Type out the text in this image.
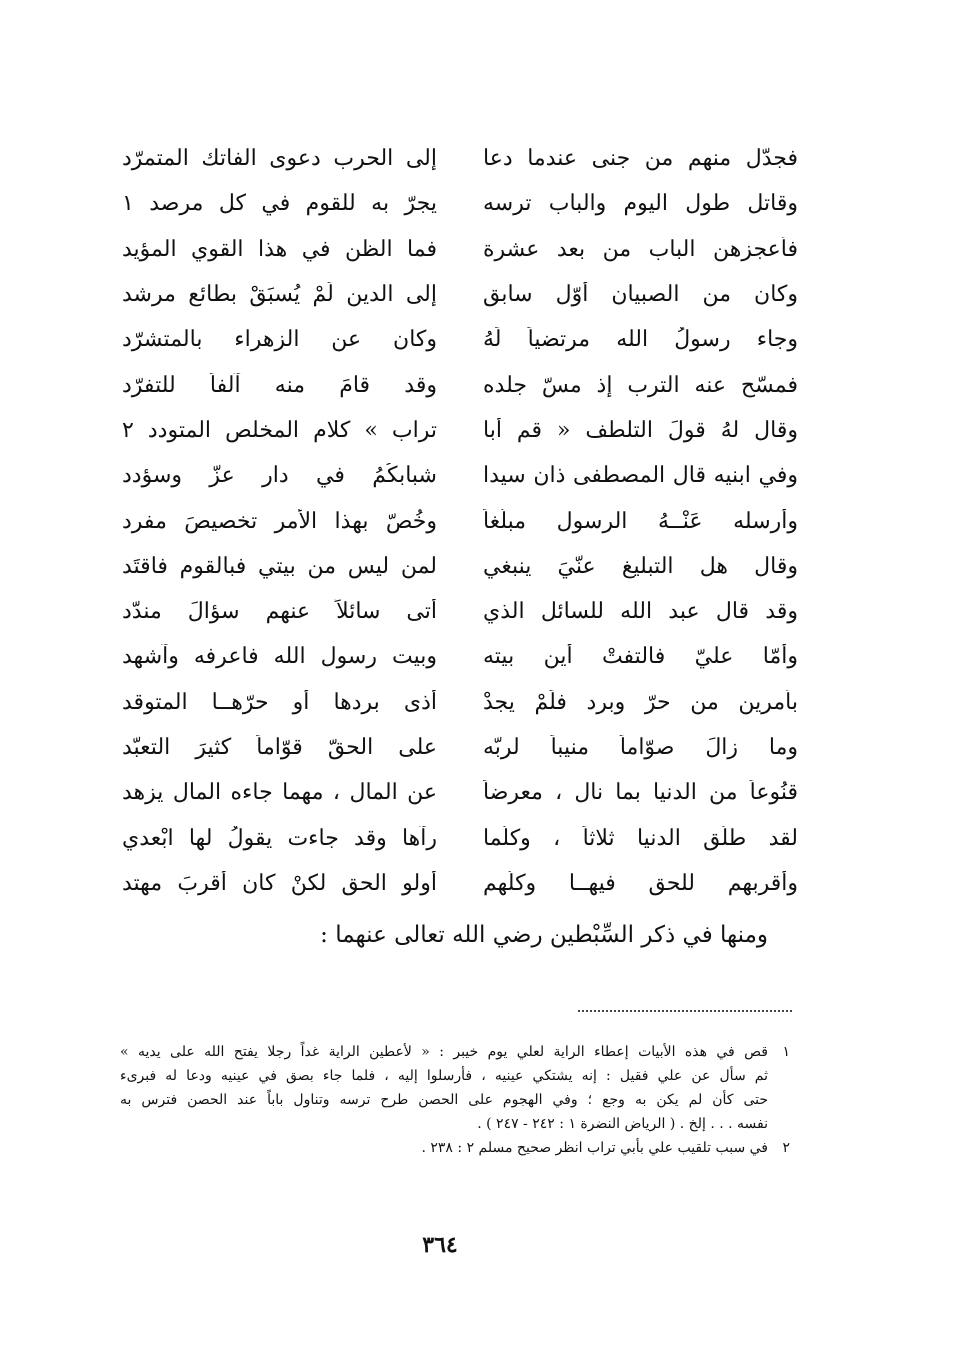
فجدّل منهم من جنى عندما دعا
إلى الحرب دعوى الفاتك المتمرّد
وقاتل طول اليوم والباب ترسه
يجرّ به للقوم في كل مرصد ١
فأعجزهن الباب من بعد عشرة
فما الظن في هذا القوي المؤيد
وكان من الصبيان أوّل سابق
إلى الدين لَمْ يُسبَقْ بطائع مرشد
وجاء رسولُ الله مرتضياً لَهُ
وكان عن الزهراء بالمتشرّد
فمسّح عنه الترب إذ مسّ جلده
وقد قامَ منه آلفاً للتفرّد
وقال لهُ قولَ التلطف « قم أبا
تراب » كلام المخلص المتودد ٢
وفي ابنيه قال المصطفى ذان سيدا
شبابكُمُ في دار عزّ وسؤدد
وأرسله عَنْــهُ الرسول مبلّغاً
وخُصّ بهذا الأمر تخصيصَ مفرد
وقال هل التبليغ عنّيَ ينبغي
لمن ليس من بيتي فبالقوم فاقتَد
وقد قال عبد الله للسائل الذي
أتى سائلاً عنهم سؤالَ مندّد
وأمّا عليّ فالتفتْ أين بيته
وبيت رسول الله فاعرفه وآشهد
بأمرين من حرّ وبرد فلَمْ يجدْ
أذى بردها أو حرّهــا المتوقد
وما زالَ صوّاماً منيباً لربّه
على الحقّ قوّاماً كثيرَ التعبّد
قنُوعاً من الدنيا بما نال ، معرضاً
عن المال ، مهما جاءه المال يزهد
لقد طلّق الدنيا ثلاثاً ، وكلّما
رآها وقد جاءت يقولُ لها ابْعدي
وأقربهم للحق فيهــا وكلّهم
أولو الحق لكنْ كان أقربَ مهتد
ومنها في ذكر السِّبْطين رضي الله تعالى عنهما :
١
قص في هذه الأبيات إعطاء الراية لعلي يوم خيبر : « لأعطين الراية غداً رجلا يفتح الله على يديه »
ثم سأل عن علي فقيل : إنه يشتكي عينيه ، فأرسلوا إليه ، فلما جاء بصق في عينيه ودعا له فبرىء
حتى كأن لم يكن به وجع ؛ وفي الهجوم على الحصن طرح ترسه وتناول باباً عند الحصن فترس به
نفسه . . . إلخ . ( الرياض النضرة ١ : ٢٤٢ - ٢٤٧ ) .
٢
في سبب تلقيب علي بأبي تراب انظر صحيح مسلم ٢ : ٢٣٨ .
٣٦٤
